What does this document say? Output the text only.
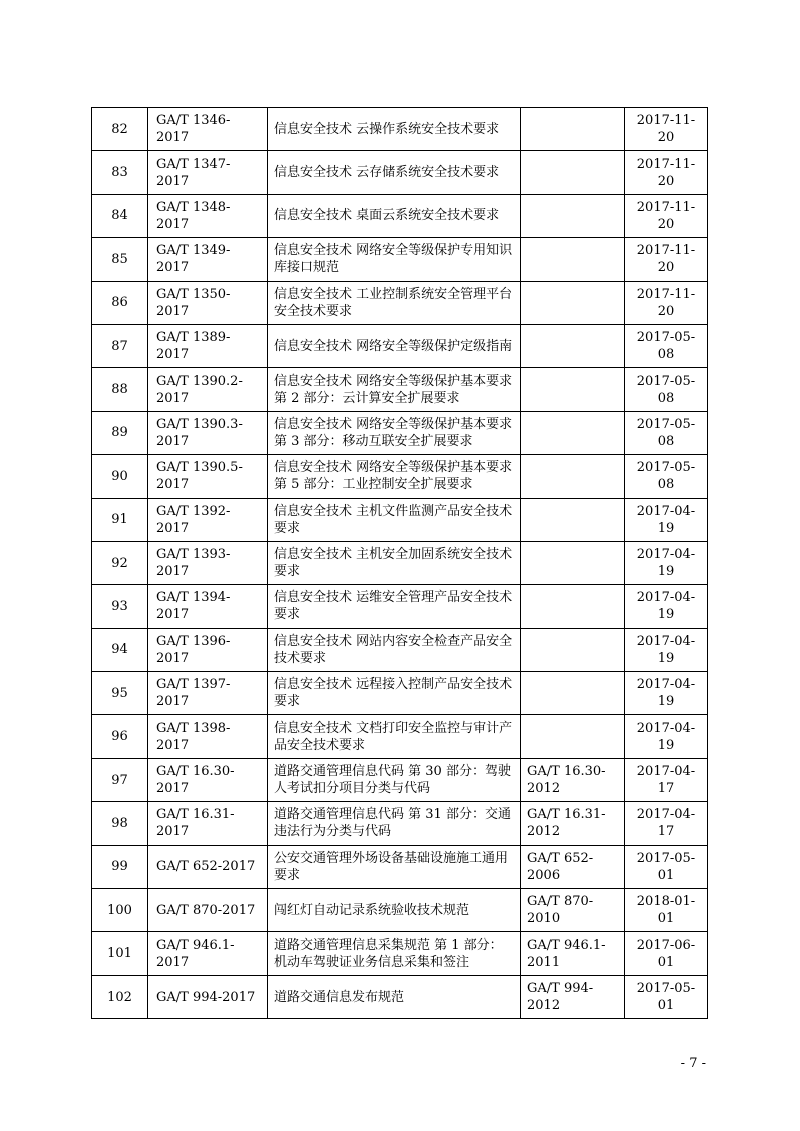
82	GA/T 1346-2017	信息安全技术 云操作系统安全技术要求		2017-11-20
83	GA/T 1347-2017	信息安全技术 云存储系统安全技术要求		2017-11-20
84	GA/T 1348-2017	信息安全技术 桌面云系统安全技术要求		2017-11-20
85	GA/T 1349-2017	信息安全技术 网络安全等级保护专用知识库接口规范		2017-11-20
86	GA/T 1350-2017	信息安全技术 工业控制系统安全管理平台安全技术要求		2017-11-20
87	GA/T 1389-2017	信息安全技术 网络安全等级保护定级指南		2017-05-08
88	GA/T 1390.2-2017	信息安全技术 网络安全等级保护基本要求 第 2 部分：云计算安全扩展要求		2017-05-08
89	GA/T 1390.3-2017	信息安全技术 网络安全等级保护基本要求 第 3 部分：移动互联安全扩展要求		2017-05-08
90	GA/T 1390.5-2017	信息安全技术 网络安全等级保护基本要求 第 5 部分：工业控制安全扩展要求		2017-05-08
91	GA/T 1392-2017	信息安全技术 主机文件监测产品安全技术要求		2017-04-19
92	GA/T 1393-2017	信息安全技术 主机安全加固系统安全技术要求		2017-04-19
93	GA/T 1394-2017	信息安全技术 运维安全管理产品安全技术要求		2017-04-19
94	GA/T 1396-2017	信息安全技术 网站内容安全检查产品安全技术要求		2017-04-19
95	GA/T 1397-2017	信息安全技术 远程接入控制产品安全技术要求		2017-04-19
96	GA/T 1398-2017	信息安全技术 文档打印安全监控与审计产品安全技术要求		2017-04-19
97	GA/T 16.30-2017	道路交通管理信息代码 第 30 部分：驾驶人考试扣分项目分类与代码	GA/T 16.30-2012	2017-04-17
98	GA/T 16.31-2017	道路交通管理信息代码 第 31 部分：交通违法行为分类与代码	GA/T 16.31-2012	2017-04-17
99	GA/T 652-2017	公安交通管理外场设备基础设施施工通用要求	GA/T 652-2006	2017-05-01
100	GA/T 870-2017	闯红灯自动记录系统验收技术规范	GA/T 870-2010	2018-01-01
101	GA/T 946.1-2017	道路交通管理信息采集规范 第 1 部分：机动车驾驶证业务信息采集和签注	GA/T 946.1-2011	2017-06-01
102	GA/T 994-2017	道路交通信息发布规范	GA/T 994-2012	2017-05-01
- 7 -
